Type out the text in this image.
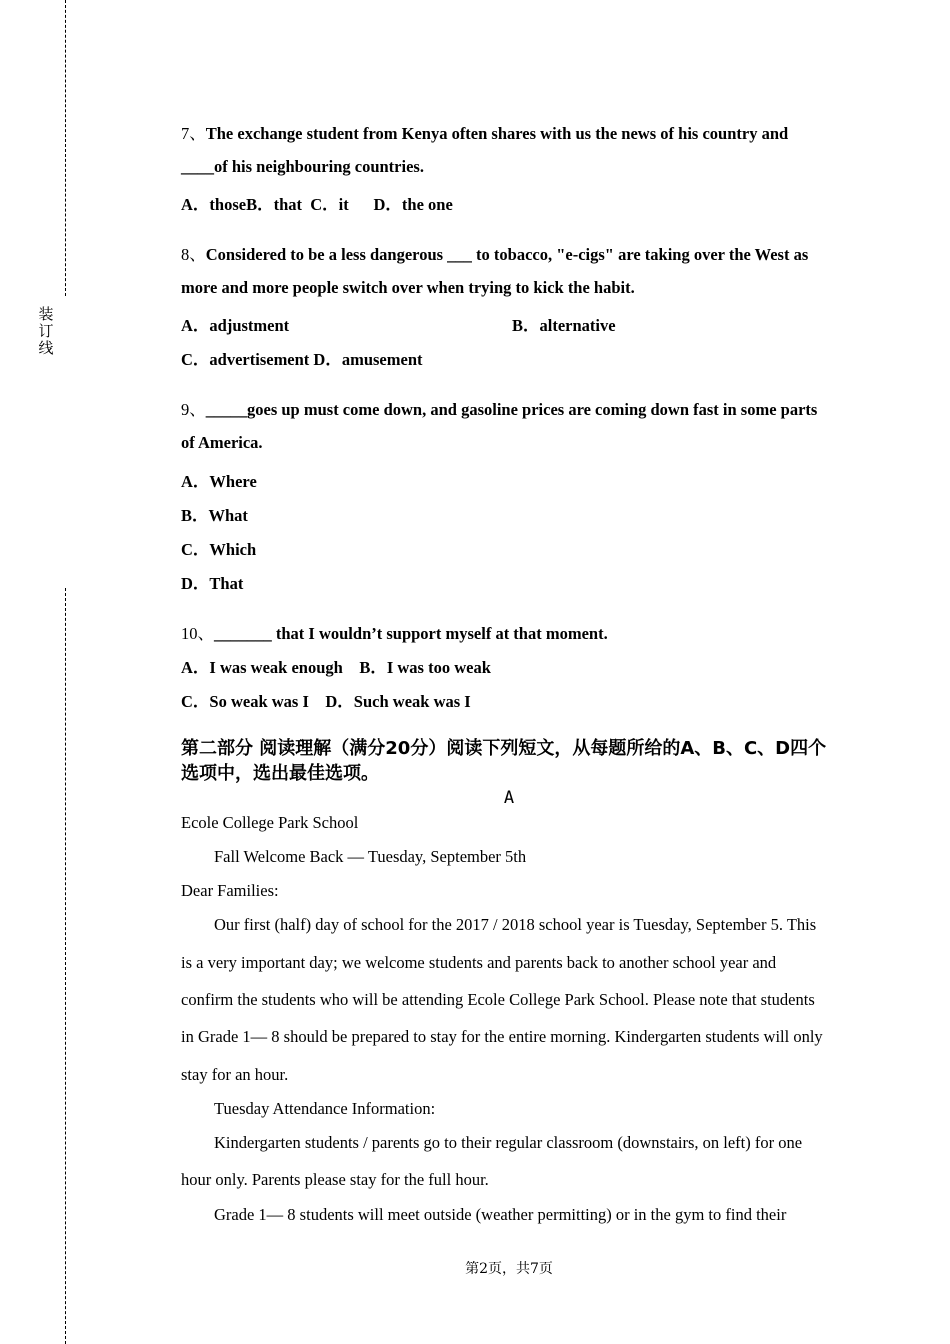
装
订
线
7、The exchange student from Kenya often shares with us the news of his country and
____of his neighbouring countries.
A．thoseB．that  C．it      D．the one
8、Considered to be a less dangerous ___ to tobacco, "e-cigs" are taking over the West as
more and more people switch over when trying to kick the habit.
A．adjustment	B．alternative
C．advertisement D．amusement
9、_____goes up must come down, and gasoline prices are coming down fast in some parts
of America.
A．Where
B．What
C．Which
D．That
10、_______ that I wouldn’t support myself at that moment.
A．I was weak enough    B．I was too weak
C．So weak was I    D．Such weak was I
第二部分 阅读理解（满分20分）阅读下列短文，从每题所给的A、B、C、D四个
选项中，选出最佳选项。
A
Ecole College Park School
Fall Welcome Back — Tuesday, September 5th
Dear Families:
Our first (half) day of school for the 2017 / 2018 school year is Tuesday, September 5. This
is a very important day; we welcome students and parents back to another school year and
confirm the students who will be attending Ecole College Park School. Please note that students
in Grade 1— 8 should be prepared to stay for the entire morning. Kindergarten students will only
stay for an hour.
Tuesday Attendance Information:
Kindergarten students / parents go to their regular classroom (downstairs, on left) for one
hour only. Parents please stay for the full hour.
Grade 1— 8 students will meet outside (weather permitting) or in the gym to find their
第2页，共7页
